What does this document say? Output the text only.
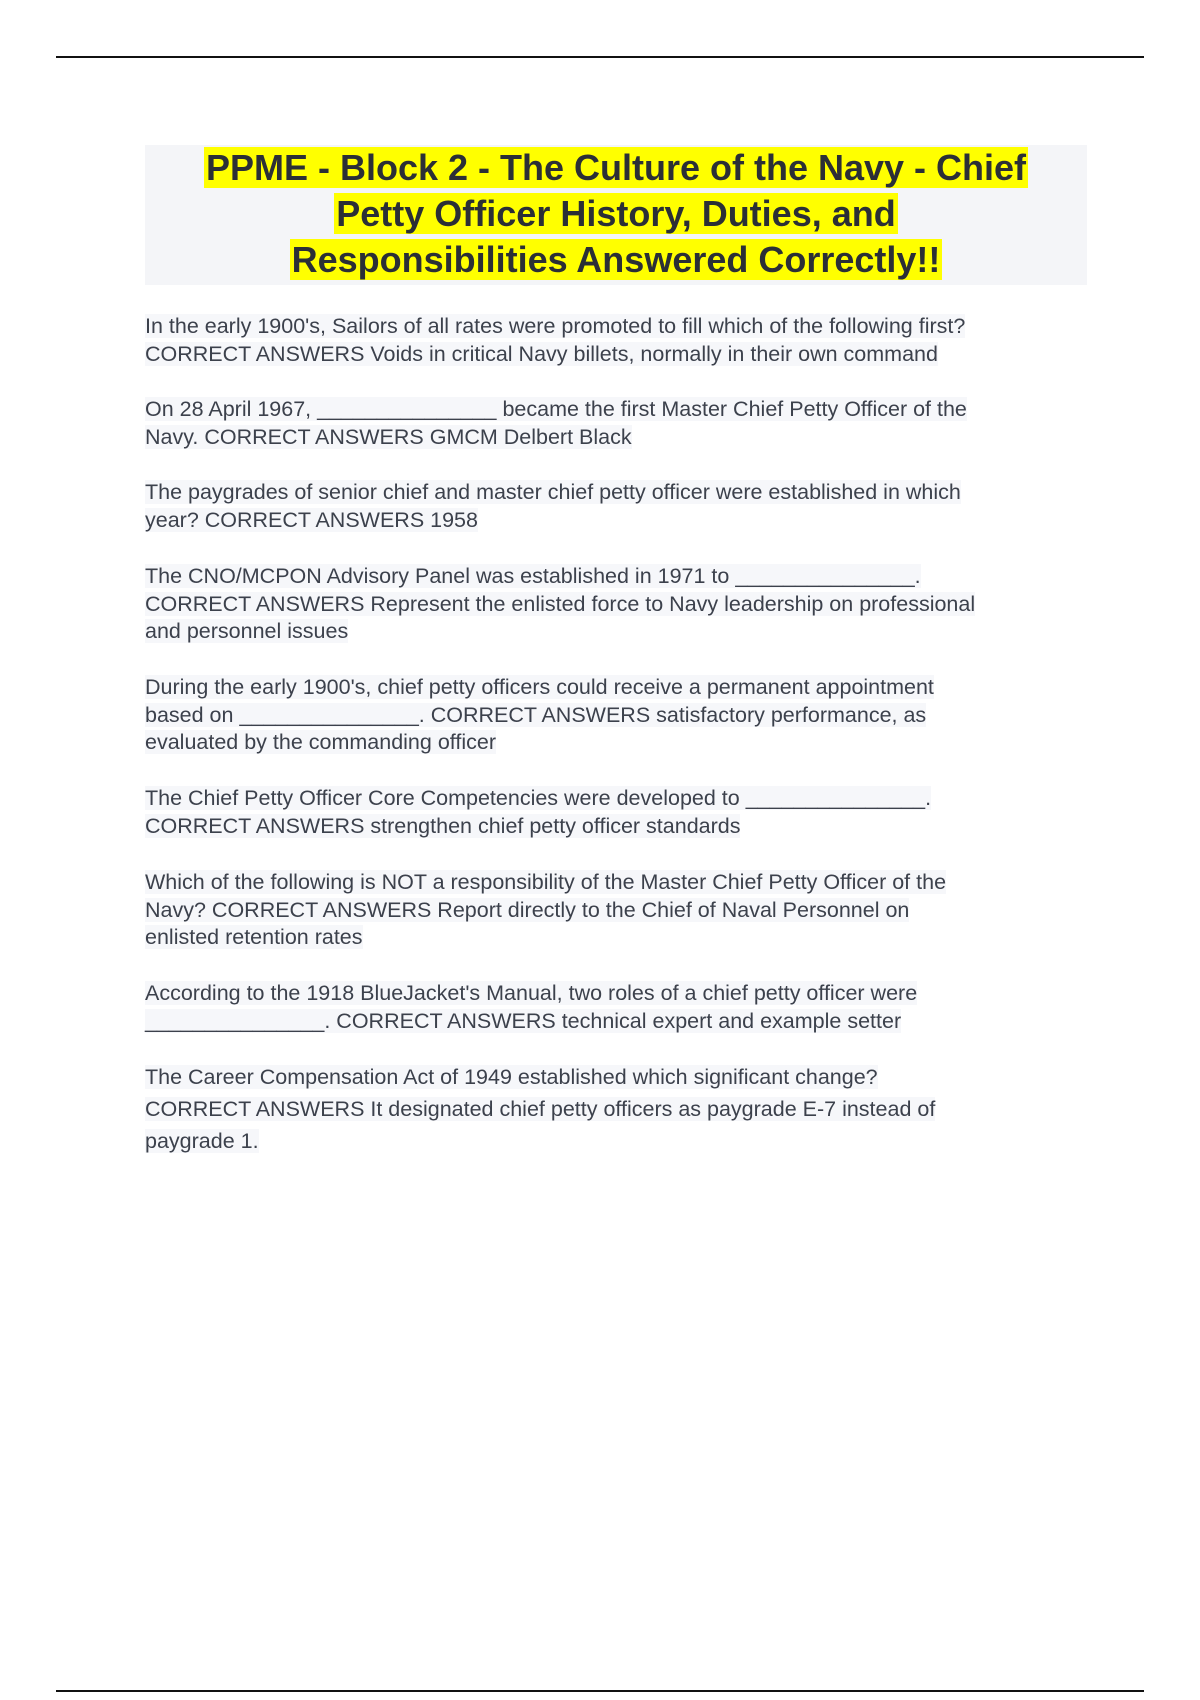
PPME - Block 2 - The Culture of the Navy - Chief
Petty Officer History, Duties, and
Responsibilities Answered Correctly!!
In the early 1900's, Sailors of all rates were promoted to fill which of the following first?
CORRECT ANSWERS Voids in critical Navy billets, normally in their own command
On 28 April 1967, _______________ became the first Master Chief Petty Officer of the
Navy. CORRECT ANSWERS GMCM Delbert Black
The paygrades of senior chief and master chief petty officer were established in which
year? CORRECT ANSWERS 1958
The CNO/MCPON Advisory Panel was established in 1971 to _______________.
CORRECT ANSWERS Represent the enlisted force to Navy leadership on professional
and personnel issues
During the early 1900's, chief petty officers could receive a permanent appointment
based on _______________. CORRECT ANSWERS satisfactory performance, as
evaluated by the commanding officer
The Chief Petty Officer Core Competencies were developed to _______________.
CORRECT ANSWERS strengthen chief petty officer standards
Which of the following is NOT a responsibility of the Master Chief Petty Officer of the
Navy? CORRECT ANSWERS Report directly to the Chief of Naval Personnel on
enlisted retention rates
According to the 1918 BlueJacket's Manual, two roles of a chief petty officer were
_______________. CORRECT ANSWERS technical expert and example setter
The Career Compensation Act of 1949 established which significant change?
CORRECT ANSWERS It designated chief petty officers as paygrade E-7 instead of
paygrade 1.
